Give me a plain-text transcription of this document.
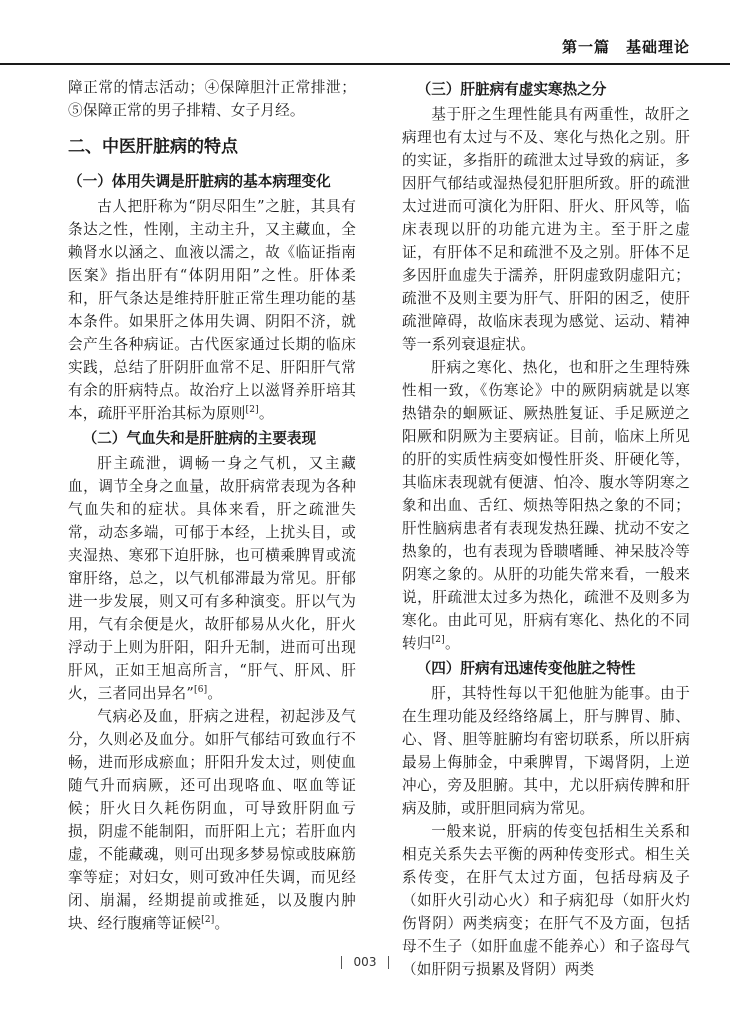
第一篇　基础理论

障正常的情志活动；④保障胆汁正常排泄；⑤保障正常的男子排精、女子月经。

二、中医肝脏病的特点
（一）体用失调是肝脏病的基本病理变化

古人把肝称为“阴尽阳生”之脏，其具有条达之性，性刚，主动主升，又主藏血，全赖肾水以涵之、血液以濡之，故《临证指南医案》指出肝有“体阴用阳”之性。肝体柔和，肝气条达是维持肝脏正常生理功能的基本条件。如果肝之体用失调、阴阳不济，就会产生各种病证。古代医家通过长期的临床实践，总结了肝阴肝血常不足、肝阳肝气常有余的肝病特点。故治疗上以滋肾养肝培其本，疏肝平肝治其标为原则[2]。

（二）气血失和是肝脏病的主要表现

肝主疏泄，调畅一身之气机，又主藏血，调节全身之血量，故肝病常表现为各种气血失和的症状。具体来看，肝之疏泄失常，动态多端，可郁于本经，上扰头目，或夹湿热、寒邪下迫肝脉，也可横乘脾胃或流窜肝络，总之，以气机郁滞最为常见。肝郁进一步发展，则又可有多种演变。肝以气为用，气有余便是火，故肝郁易从火化，肝火浮动于上则为肝阳，阳升无制，进而可出现肝风，正如王旭高所言，“肝气、肝风、肝火，三者同出异名”[6]。

气病必及血，肝病之进程，初起涉及气分，久则必及血分。如肝气郁结可致血行不畅，进而形成瘀血；肝阳升发太过，则使血随气升而病厥，还可出现咯血、呕血等证候；肝火日久耗伤阴血，可导致肝阴血亏损，阴虚不能制阳，而肝阳上亢；若肝血内虚，不能藏魂，则可出现多梦易惊或肢麻筋挛等症；对妇女，则可致冲任失调，而见经闭、崩漏，经期提前或推延，以及腹内肿块、经行腹痛等证候[2]。

（三）肝脏病有虚实寒热之分

基于肝之生理性能具有两重性，故肝之病理也有太过与不及、寒化与热化之别。肝的实证，多指肝的疏泄太过导致的病证，多因肝气郁结或湿热侵犯肝胆所致。肝的疏泄太过进而可演化为肝阳、肝火、肝风等，临床表现以肝的功能亢进为主。至于肝之虚证，有肝体不足和疏泄不及之别。肝体不足多因肝血虚失于濡养，肝阴虚致阴虚阳亢；疏泄不及则主要为肝气、肝阳的困乏，使肝疏泄障碍，故临床表现为感觉、运动、精神等一系列衰退症状。

肝病之寒化、热化，也和肝之生理特殊性相一致，《伤寒论》中的厥阴病就是以寒热错杂的蛔厥证、厥热胜复证、手足厥逆之阳厥和阴厥为主要病证。目前，临床上所见的肝的实质性病变如慢性肝炎、肝硬化等，其临床表现就有便溏、怕冷、腹水等阴寒之象和出血、舌红、烦热等阳热之象的不同；肝性脑病患者有表现发热狂躁、扰动不安之热象的，也有表现为昏聩嗜睡、神呆肢冷等阴寒之象的。从肝的功能失常来看，一般来说，肝疏泄太过多为热化，疏泄不及则多为寒化。由此可见，肝病有寒化、热化的不同转归[2]。

（四）肝病有迅速传变他脏之特性

肝，其特性每以干犯他脏为能事。由于在生理功能及经络络属上，肝与脾胃、肺、心、肾、胆等脏腑均有密切联系，所以肝病最易上侮肺金，中乘脾胃，下竭肾阴，上逆冲心，旁及胆腑。其中，尤以肝病传脾和肝病及肺，或肝胆同病为常见。

一般来说，肝病的传变包括相生关系和相克关系失去平衡的两种传变形式。相生关系传变，在肝气太过方面，包括母病及子（如肝火引动心火）和子病犯母（如肝火灼伤肾阴）两类病变；在肝气不及方面，包括母不生子（如肝血虚不能养心）和子盗母气（如肝阴亏损累及肾阴）两类

003
